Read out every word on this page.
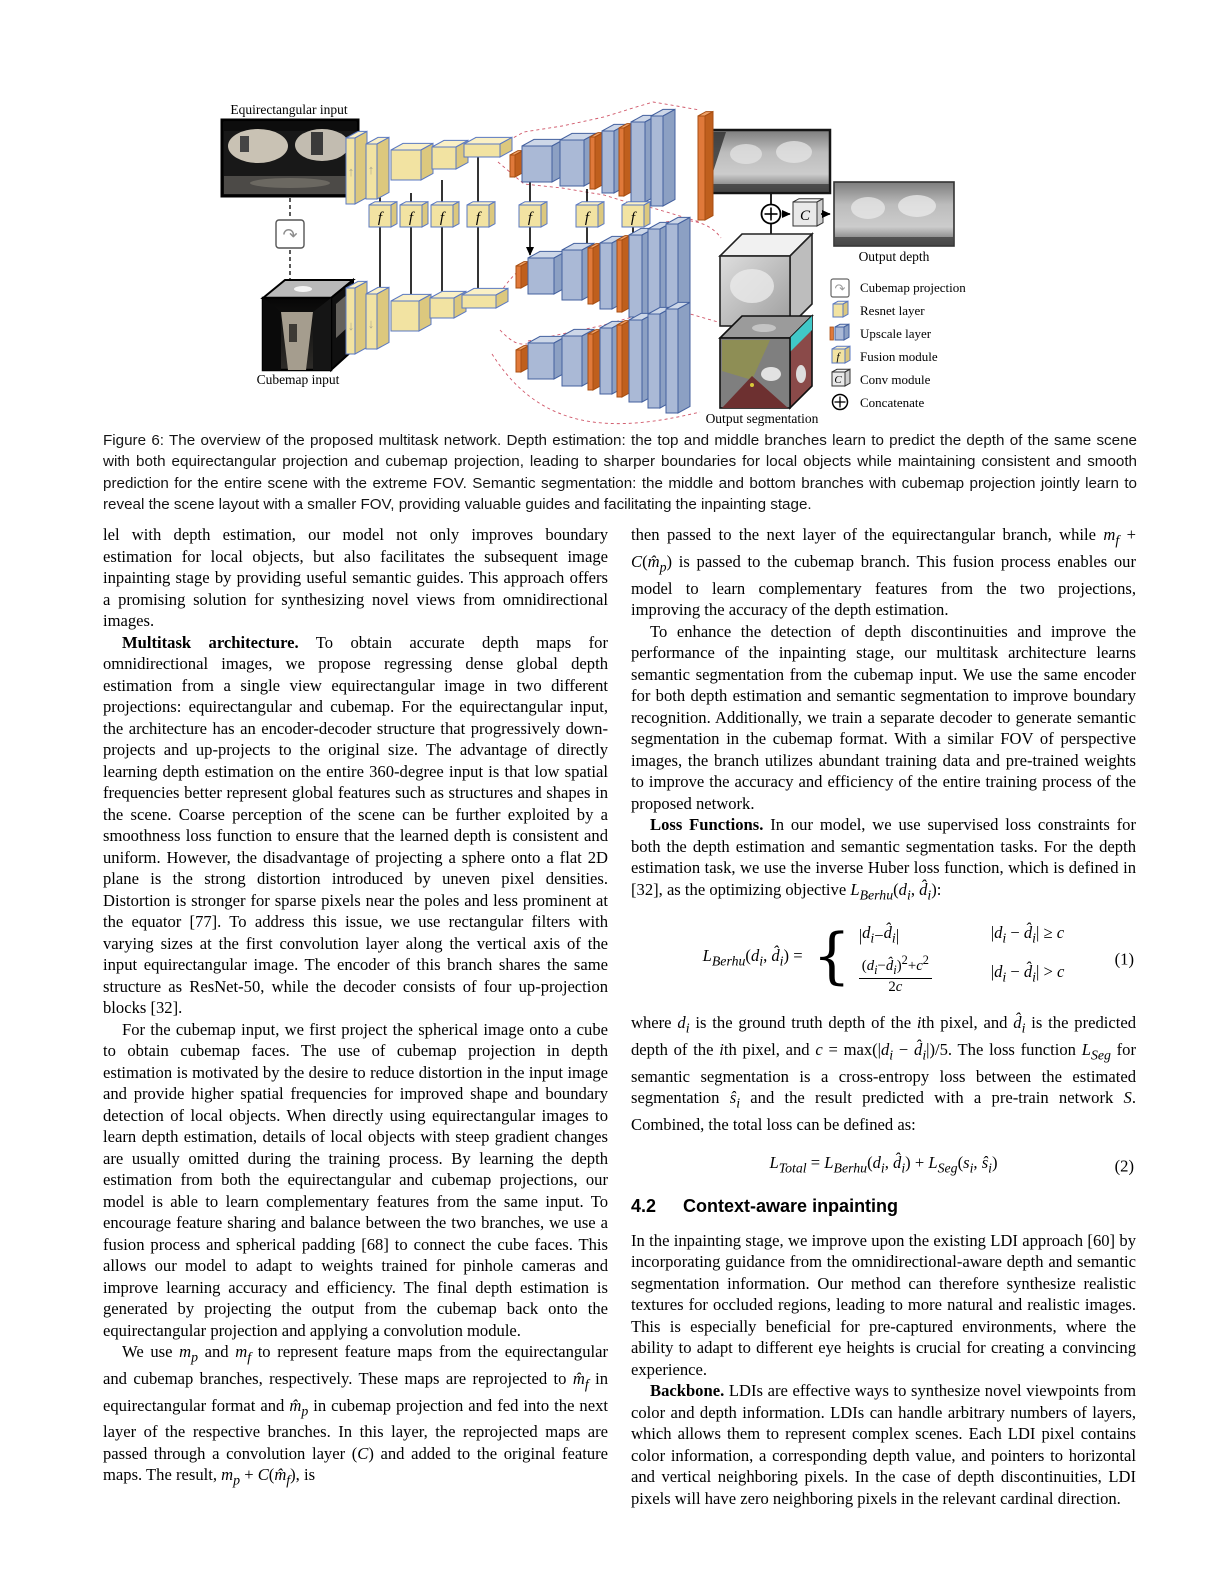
Equirectangular input
↷
Cubemap input
C
Output depth
Output segmentation
↑ ↑
↓ ↓
f f f f	f	f	f
↷ Cubemap projection
Resnet layer
Upscale layer
f Fusion module
C Conv module
Concatenate
Figure 6: The overview of the proposed multitask network. Depth estimation: the top and middle branches learn to predict the depth of the same scene with both equirectangular projection and cubemap projection, leading to sharper boundaries for local objects while maintaining consistent and smooth prediction for the entire scene with the extreme FOV. Semantic segmentation: the middle and bottom branches with cubemap projection jointly learn to reveal the scene layout with a smaller FOV, providing valuable guides and facilitating the inpainting stage.

lel with depth estimation, our model not only improves boundary estimation for local objects, but also facilitates the subsequent image inpainting stage by providing useful semantic guides. This approach offers a promising solution for synthesizing novel views from omnidirectional images.

Multitask architecture. To obtain accurate depth maps for omnidirectional images, we propose regressing dense global depth estimation from a single view equirectangular image in two different projections: equirectangular and cubemap. For the equirectangular input, the architecture has an encoder-decoder structure that progressively down-projects and up-projects to the original size. The advantage of directly learning depth estimation on the entire 360-degree input is that low spatial frequencies better represent global features such as structures and shapes in the scene. Coarse perception of the scene can be further exploited by a smoothness loss function to ensure that the learned depth is consistent and uniform. However, the disadvantage of projecting a sphere onto a flat 2D plane is the strong distortion introduced by uneven pixel densities. Distortion is stronger for sparse pixels near the poles and less prominent at the equator [77]. To address this issue, we use rectangular filters with varying sizes at the first convolution layer along the vertical axis of the input equirectangular image. The encoder of this branch shares the same structure as ResNet-50, while the decoder consists of four up-projection blocks [32].

For the cubemap input, we first project the spherical image onto a cube to obtain cubemap faces. The use of cubemap projection in depth estimation is motivated by the desire to reduce distortion in the input image and provide higher spatial frequencies for improved shape and boundary detection of local objects. When directly using equirectangular images to learn depth estimation, details of local objects with steep gradient changes are usually omitted during the training process. By learning the depth estimation from both the equirectangular and cubemap projections, our model is able to learn complementary features from the same input. To encourage feature sharing and balance between the two branches, we use a fusion process and spherical padding [68] to connect the cube faces. This allows our model to adapt to weights trained for pinhole cameras and improve learning accuracy and efficiency. The final depth estimation is generated by projecting the output from the cubemap back onto the equirectangular projection and applying a convolution module.

We use $m_p$ and $m_f$ to represent feature maps from the equirectangular and cubemap branches, respectively. These maps are reprojected to $m̂_f$ in equirectangular format and $m̂_p$ in cubemap projection and fed into the next layer of the respective branches. In this layer, the reprojected maps are passed through a convolution layer (C) and added to the original feature maps. The result, $m_p$ + $C(m̂_f)$, is

then passed to the next layer of the equirectangular branch, while $m_f$ + $C(m̂_p)$ is passed to the cubemap branch. This fusion process enables our model to learn complementary features from the two projections, improving the accuracy of the depth estimation.

To enhance the detection of depth discontinuities and improve the performance of the inpainting stage, our multitask architecture learns semantic segmentation from the cubemap input. We use the same encoder for both depth estimation and semantic segmentation to improve boundary recognition. Additionally, we train a separate decoder to generate semantic segmentation in the cubemap format. With a similar FOV of perspective images, the branch utilizes abundant training data and pre-trained weights to improve the accuracy and efficiency of the entire training process of the proposed network.

Loss Functions. In our model, we use supervised loss constraints for both the depth estimation and semantic segmentation tasks. For the depth estimation task, we use the inverse Huber loss function, which is defined in [32], as the optimizing objective $L_{Berhu}(d_i$, $d̂_i$):

$L_{Berhu}(d_i$, $d̂_i$) = { | $d_i$ − $d̂_i$ |	$|d_i$ − $d̂_i| \ge c$
$\frac{(d_i-d̂_i)^2+c^2}{2c}$	$|d_i$ − $d̂_i| > c$
(1)

where $d_i$ is the ground truth depth of the ith pixel, and $d̂_i$ is the predicted depth of the ith pixel, and $c = \max(|d_i$ − $d̂_i|)/5$. The loss function $L_{Seg}$ for semantic segmentation is a cross-entropy loss between the estimated segmentation $ŝ_i$ and the result predicted with a pre-train network S. Combined, the total loss can be defined as:

$L_{Total} = L_{Berhu}(d_i$, $d̂_i) + L_{Seg}(s_i$, $ŝ_i$)	(2)
4.2 Context-aware inpainting

In the inpainting stage, we improve upon the existing LDI approach [60] by incorporating guidance from the omnidirectional-aware depth and semantic segmentation information. Our method can therefore synthesize realistic textures for occluded regions, leading to more natural and realistic images. This is especially beneficial for pre-captured environments, where the ability to adapt to different eye heights is crucial for creating a convincing experience.

Backbone. LDIs are effective ways to synthesize novel viewpoints from color and depth information. LDIs can handle arbitrary numbers of layers, which allows them to represent complex scenes. Each LDI pixel contains color information, a corresponding depth value, and pointers to horizontal and vertical neighboring pixels. In the case of depth discontinuities, LDI pixels will have zero neighboring pixels in the relevant cardinal direction.
